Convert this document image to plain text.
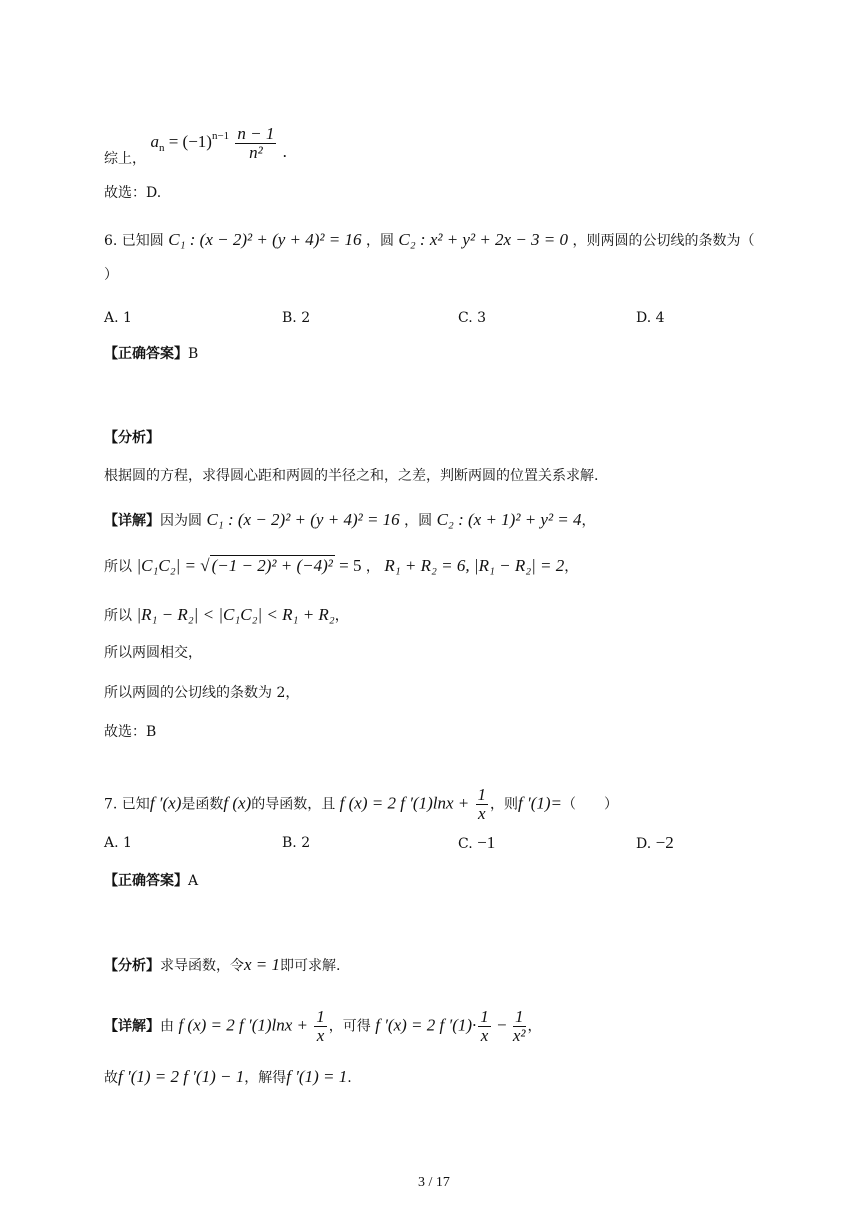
综上， $a_n = (-1)^{n-1} \frac{n - 1}{\text{n²}}$ .
故选：D.
6. 已知圆 C₁ : (x − 2)² + (y + 4)² = 16 ，圆 C₂ : x² + y² + 2x − 3 = 0 ，则两圆的公切线的条数为（
）
A. 1	B. 2	C. 3	D. 4
【正确答案】B
【分析】
根据圆的方程，求得圆心距和两圆的半径之和，之差，判断两圆的位置关系求解.
【详解】因为圆 C₁ : (x − 2)² + (y + 4)² = 16 ，圆 C₂ : (x + 1)² + y² = 4，
所以 |C₁C₂| = √ (−1 − 2)² + (−4)² = 5 ， R₁ + R₂ = 6, |R₁ − R₂| = 2，
所以 |R₁ − R₂| < |C₁C₂| < R₁ + R₂，
所以两圆相交，
所以两圆的公切线的条数为 2，
故选：B
7. 已知f ′(x)是函数f (x)的导函数，且 f (x) = 2 f $'(1)\ln x + \frac{1}{x}$ ，则f ′(1)=（　　）
A. 1	B. 2	C. −1	D. −2
【正确答案】A
【分析】求导函数，令x = 1即可求解.
【详解】由 f (x) = 2 f $'(1)\ln x + \frac{1}{x}$ ，可得 f ′(x) = 2 f $'(1)\cdot \frac{1}{x} - \frac{1}{\text{x²}}$ ，
故f ′(1) = 2 f ′(1) − 1，解得f ′(1) = 1.
3 / 17
